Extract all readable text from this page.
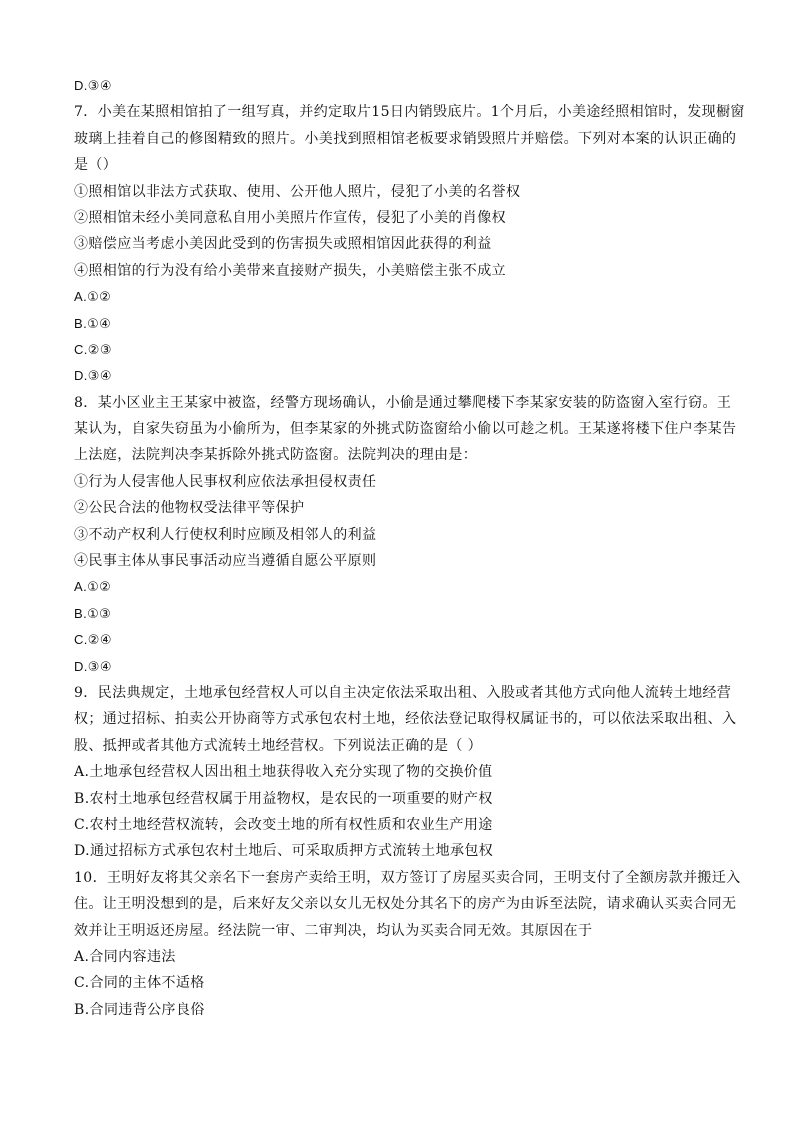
D.③④
7．小美在某照相馆拍了一组写真，并约定取片15日内销毁底片。1个月后，小美途经照相馆时，发现橱窗
玻璃上挂着自己的修图精致的照片。小美找到照相馆老板要求销毁照片并赔偿。下列对本案的认识正确的
是（）
①照相馆以非法方式获取、使用、公开他人照片，侵犯了小美的名誉权
②照相馆未经小美同意私自用小美照片作宣传，侵犯了小美的肖像权
③赔偿应当考虑小美因此受到的伤害损失或照相馆因此获得的利益
④照相馆的行为没有给小美带来直接财产损失，小美赔偿主张不成立
A.①②
B.①④
C.②③
D.③④
8．某小区业主王某家中被盗，经警方现场确认，小偷是通过攀爬楼下李某家安装的防盗窗入室行窃。王
某认为，自家失窃虽为小偷所为，但李某家的外挑式防盗窗给小偷以可趁之机。王某遂将楼下住户李某告
上法庭，法院判决李某拆除外挑式防盗窗。法院判决的理由是：
①行为人侵害他人民事权利应依法承担侵权责任
②公民合法的他物权受法律平等保护
③不动产权利人行使权利时应顾及相邻人的利益
④民事主体从事民事活动应当遵循自愿公平原则
A.①②
B.①③
C.②④
D.③④
9．民法典规定，土地承包经营权人可以自主决定依法采取出租、入股或者其他方式向他人流转土地经营
权；通过招标、拍卖公开协商等方式承包农村土地，经依法登记取得权属证书的，可以依法采取出租、入
股、抵押或者其他方式流转土地经营权。下列说法正确的是（ ）
A.土地承包经营权人因出租土地获得收入充分实现了物的交换价值
B.农村土地承包经营权属于用益物权，是农民的一项重要的财产权
C.农村土地经营权流转，会改变土地的所有权性质和农业生产用途
D.通过招标方式承包农村土地后、可采取质押方式流转土地承包权
10．王明好友将其父亲名下一套房产卖给王明，双方签订了房屋买卖合同，王明支付了全额房款并搬迁入
住。让王明没想到的是，后来好友父亲以女儿无权处分其名下的房产为由诉至法院，请求确认买卖合同无
效并让王明返还房屋。经法院一审、二审判决，均认为买卖合同无效。其原因在于
A.合同内容违法
C.合同的主体不适格
B.合同违背公序良俗
